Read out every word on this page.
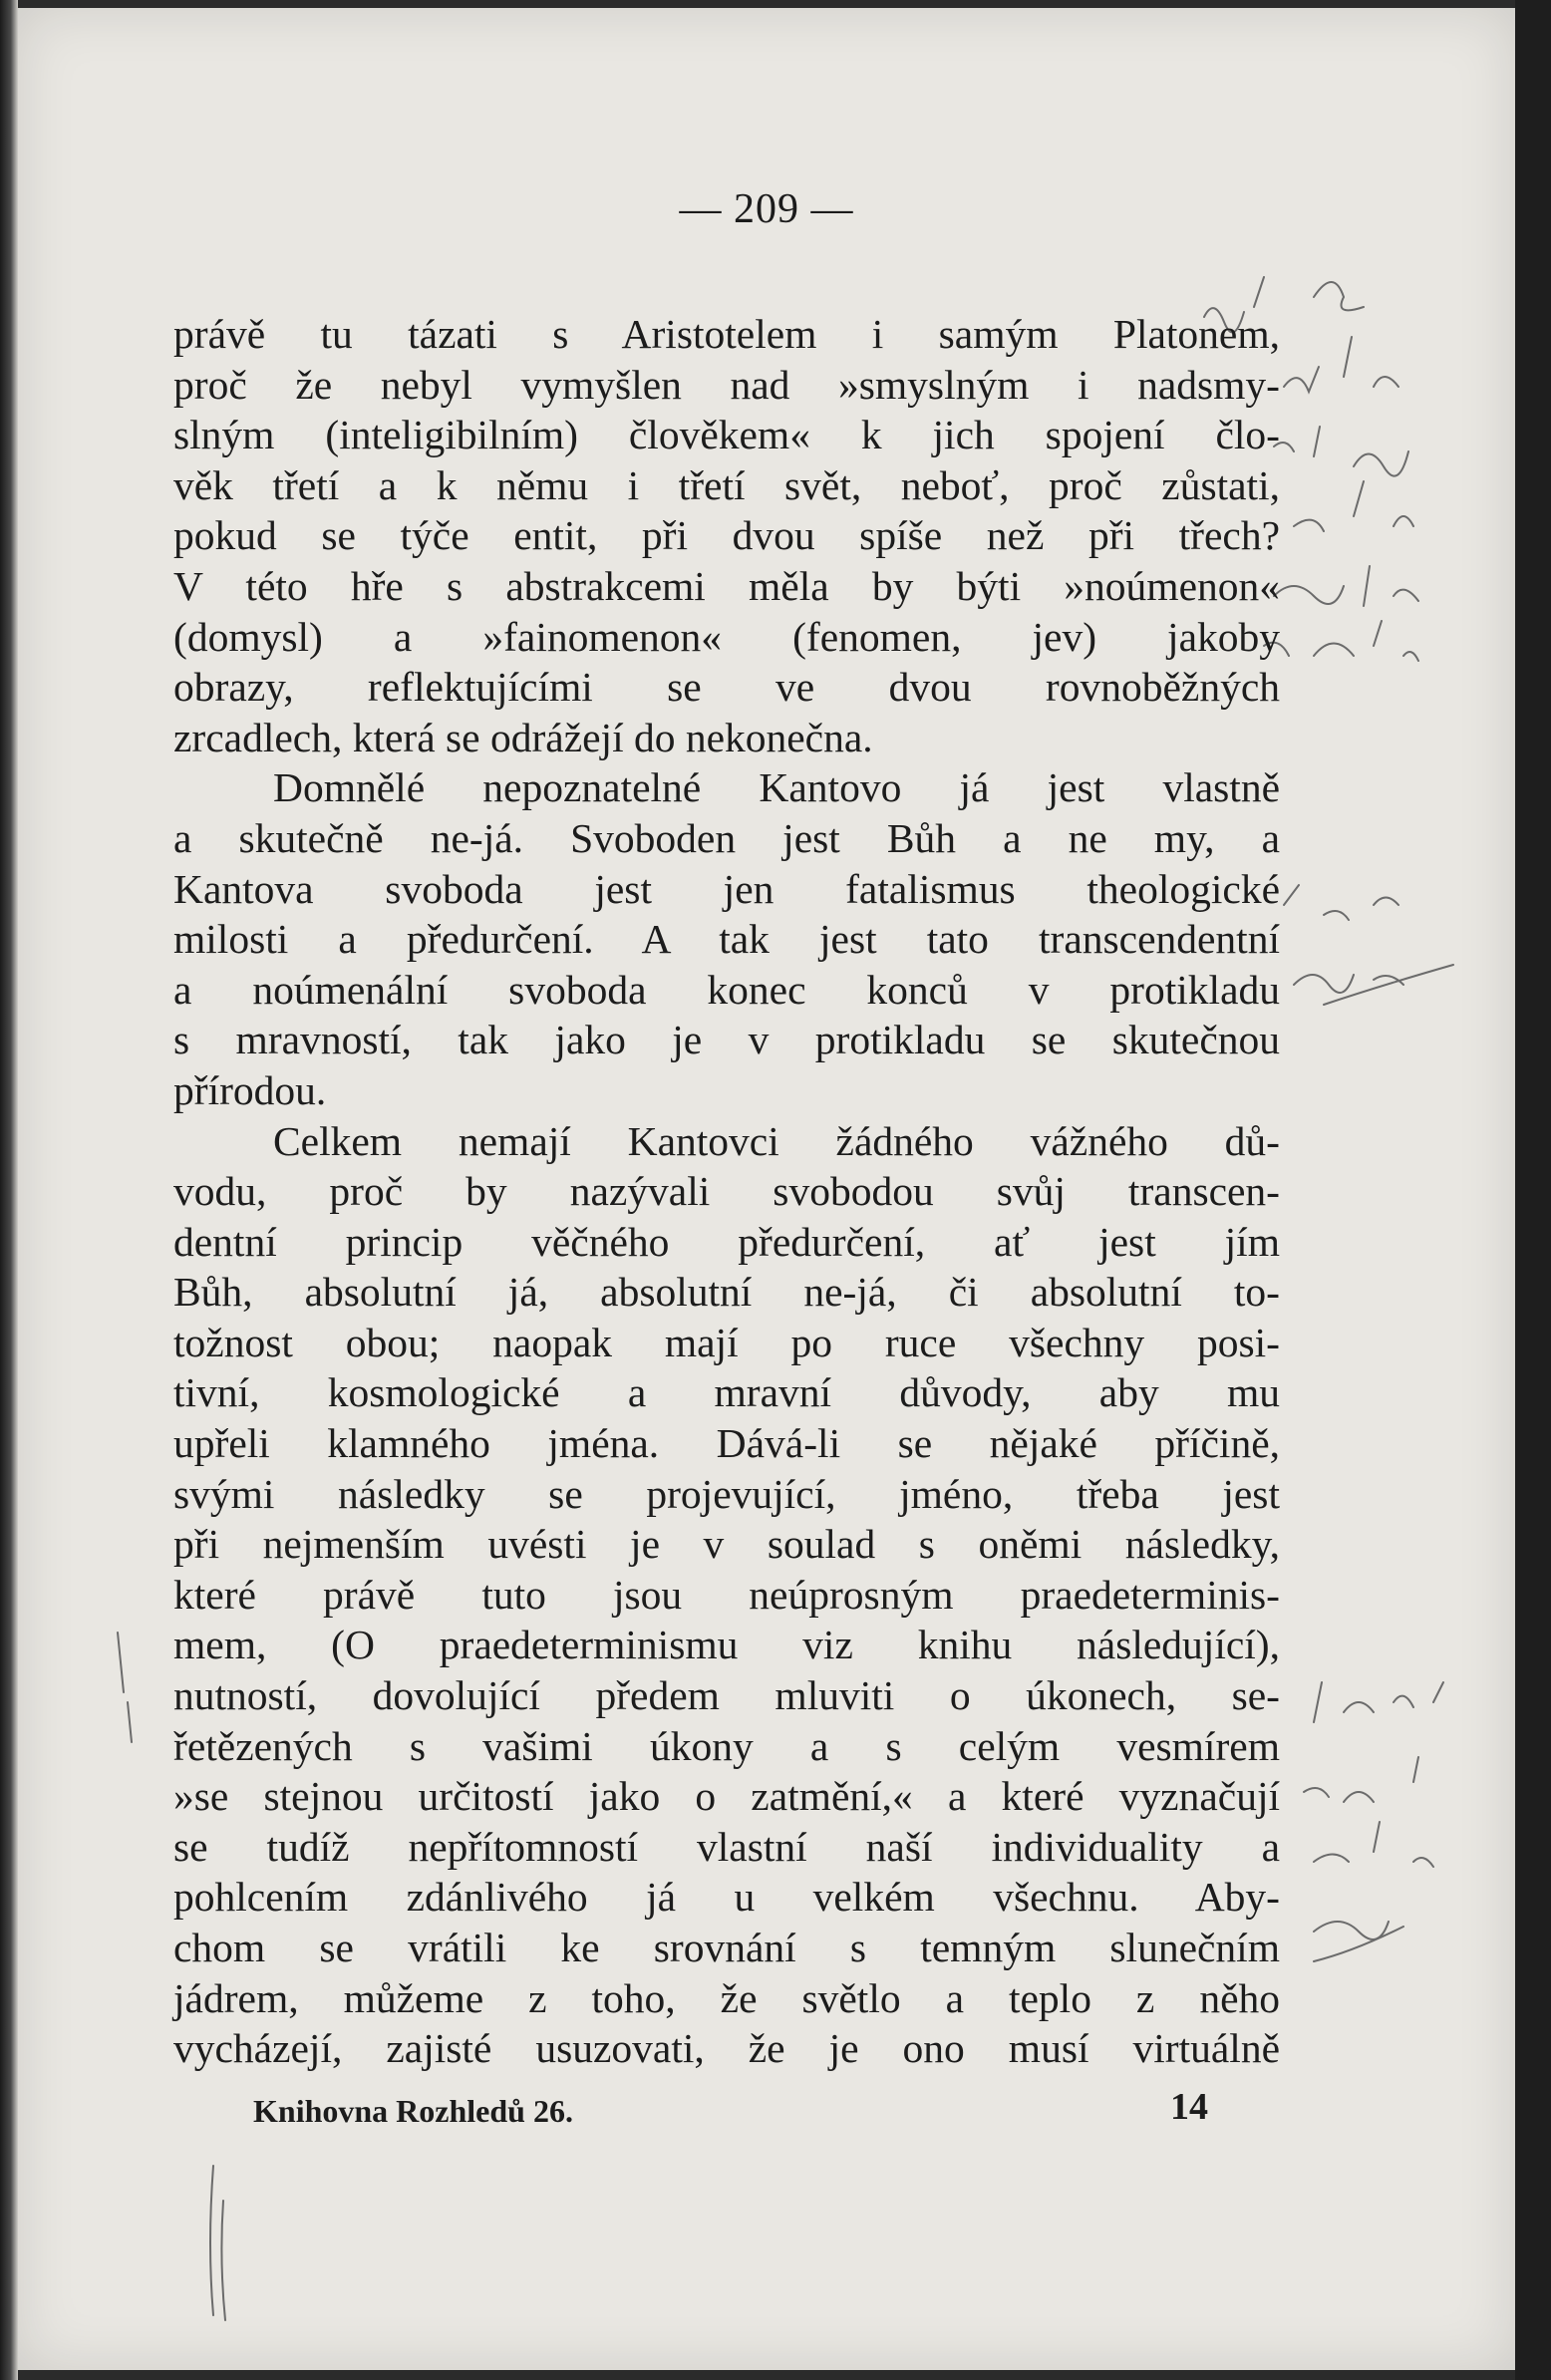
— 209 —
právě tu tázati s Aristotelem i samým Platonem,
proč že nebyl vymyšlen nad »smyslným i nadsmy-
slným (inteligibilním) člověkem« k jich spojení člo-
věk třetí a k němu i třetí svět, neboť, proč zůstati,
pokud se týče entit, při dvou spíše než při třech?
V této hře s abstrakcemi měla by býti »noúmenon«
(domysl) a »fainomenon« (fenomen, jev) jakoby
obrazy, reflektujícími se ve dvou rovnoběžných
zrcadlech, která se odrážejí do nekonečna.
Domnělé nepoznatelné Kantovo já jest vlastně
a skutečně ne-já. Svoboden jest Bůh a ne my, a
Kantova svoboda jest jen fatalismus theologické
milosti a předurčení. A tak jest tato transcendentní
a noúmenální svoboda konec konců v protikladu
s mravností, tak jako je v protikladu se skutečnou
přírodou.
Celkem nemají Kantovci žádného vážného dů-
vodu, proč by nazývali svobodou svůj transcen-
dentní princip věčného předurčení, ať jest jím
Bůh, absolutní já, absolutní ne-já, či absolutní to-
tožnost obou; naopak mají po ruce všechny posi-
tivní, kosmologické a mravní důvody, aby mu
upřeli klamného jména. Dává-li se nějaké příčině,
svými následky se projevující, jméno, třeba jest
při nejmenším uvésti je v soulad s oněmi následky,
které právě tuto jsou neúprosným praedeterminis-
mem, (O praedeterminismu viz knihu následující),
nutností, dovolující předem mluviti o úkonech, se-
řetězených s vašimi úkony a s celým vesmírem
»se stejnou určitostí jako o zatmění,« a které vyznačují
se tudíž nepřítomností vlastní naší individuality a
pohlcením zdánlivého já u velkém všechnu. Aby-
chom se vrátili ke srovnání s temným slunečním
jádrem, můžeme z toho, že světlo a teplo z něho
vycházejí, zajisté usuzovati, že je ono musí virtuálně
Knihovna Rozhledů 26.	14
